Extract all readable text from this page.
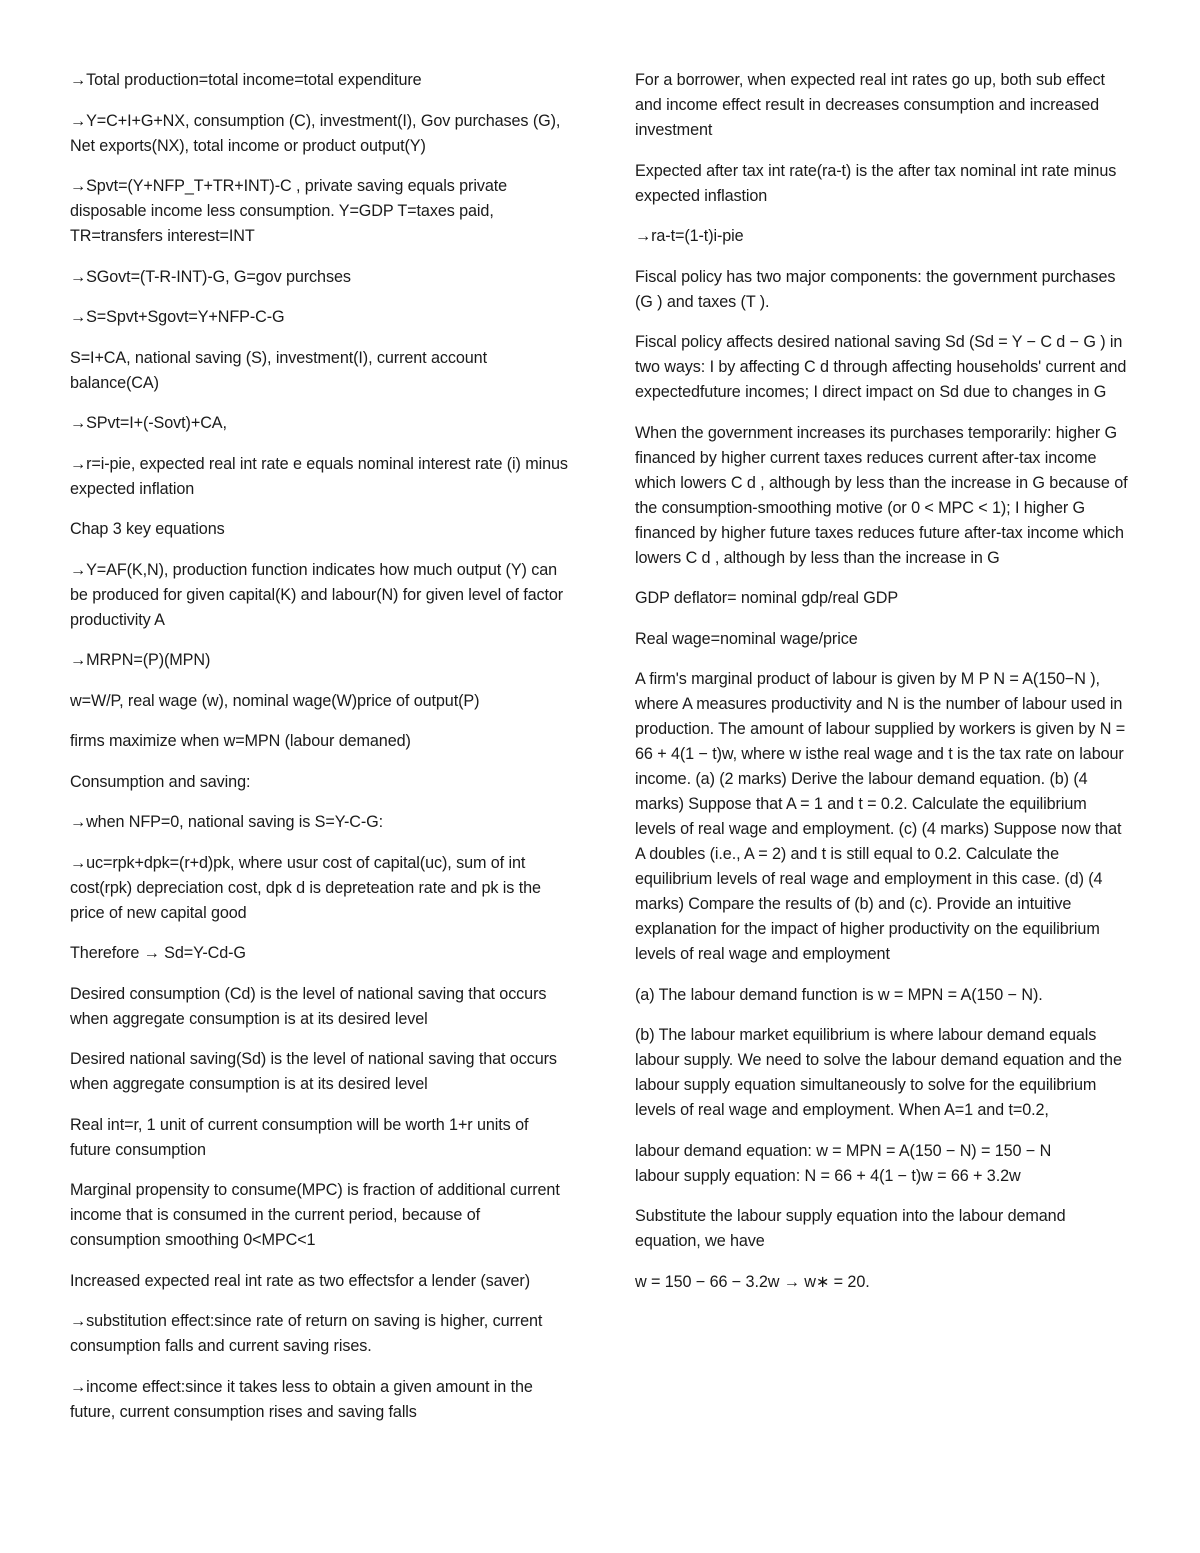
→Total production=total income=total expenditure

→Y=C+I+G+NX, consumption (C), investment(I), Gov purchases (G), Net exports(NX), total income or product output(Y)

→Spvt=(Y+NFP_T+TR+INT)-C , private saving equals private disposable income less consumption. Y=GDP T=taxes paid, TR=transfers interest=INT

→SGovt=(T-R-INT)-G, G=gov purchses

→S=Spvt+Sgovt=Y+NFP-C-G

S=I+CA, national saving (S), investment(I), current account balance(CA)

→SPvt=I+(-Sovt)+CA,

→r=i-pie, expected real int rate e equals nominal interest rate (i) minus expected inflation

Chap 3 key equations

→Y=AF(K,N), production function indicates how much output (Y) can be produced for given capital(K) and labour(N) for given level of factor productivity A

→MRPN=(P)(MPN)

w=W/P, real wage (w), nominal wage(W)price of output(P)

firms maximize when w=MPN (labour demaned)

Consumption and saving:

→when NFP=0, national saving is S=Y-C-G:

→uc=rpk+dpk=(r+d)pk, where usur cost of capital(uc), sum of int cost(rpk) depreciation cost, dpk d is depreteation rate and pk is the price of new capital good

Therefore → Sd=Y-Cd-G

Desired consumption (Cd) is the level of national saving that occurs when aggregate consumption is at its desired level

Desired national saving(Sd) is the level of national saving that occurs when aggregate consumption is at its desired level

Real int=r, 1 unit of current consumption will be worth 1+r units of future consumption

Marginal propensity to consume(MPC) is fraction of additional current income that is consumed in the current period, because of consumption smoothing 0<MPC<1

Increased expected real int rate as two effectsfor a lender (saver)

→substitution effect:since rate of return on saving is higher, current consumption falls and current saving rises.

→income effect:since it takes less to obtain a given amount in the future, current consumption rises and saving falls

For a borrower, when expected real int rates go up, both sub effect and income effect result in decreases consumption and increased investment

Expected after tax int rate(ra-t) is the after tax nominal int rate minus expected inflastion

→ra-t=(1-t)i-pie

Fiscal policy has two major components: the government purchases (G ) and taxes (T ).

Fiscal policy affects desired national saving Sd (Sd = Y − C d − G ) in two ways: I by affecting C d through affecting households' current and expectedfuture incomes; I direct impact on Sd due to changes in G

When the government increases its purchases temporarily: higher G financed by higher current taxes reduces current after-tax income which lowers C d , although by less than the increase in G because of the consumption-smoothing motive (or 0 < MPC < 1); I higher G financed by higher future taxes reduces future after-tax income which lowers C d , although by less than the increase in G

GDP deflator= nominal gdp/real GDP

Real wage=nominal wage/price

A firm's marginal product of labour is given by M P N = A(150−N ), where A measures productivity and N is the number of labour used in production. The amount of labour supplied by workers is given by N = 66 + 4(1 − t)w, where w isthe real wage and t is the tax rate on labour income. (a) (2 marks) Derive the labour demand equation. (b) (4 marks) Suppose that A = 1 and t = 0.2. Calculate the equilibrium levels of real wage and employment. (c) (4 marks) Suppose now that A doubles (i.e., A = 2) and t is still equal to 0.2. Calculate the equilibrium levels of real wage and employment in this case. (d) (4 marks) Compare the results of (b) and (c). Provide an intuitive explanation for the impact of higher productivity on the equilibrium levels of real wage and employment

(a) The labour demand function is w = MPN = A(150 − N).

(b) The labour market equilibrium is where labour demand equals labour supply. We need to solve the labour demand equation and the labour supply equation simultaneously to solve for the equilibrium levels of real wage and employment. When A=1 and t=0.2,

labour demand equation: w = MPN = A(150 − N) = 150 − N

labour supply equation: N = 66 + 4(1 − t)w = 66 + 3.2w

Substitute the labour supply equation into the labour demand equation, we have

w = 150 − 66 − 3.2w → w∗ = 20.
